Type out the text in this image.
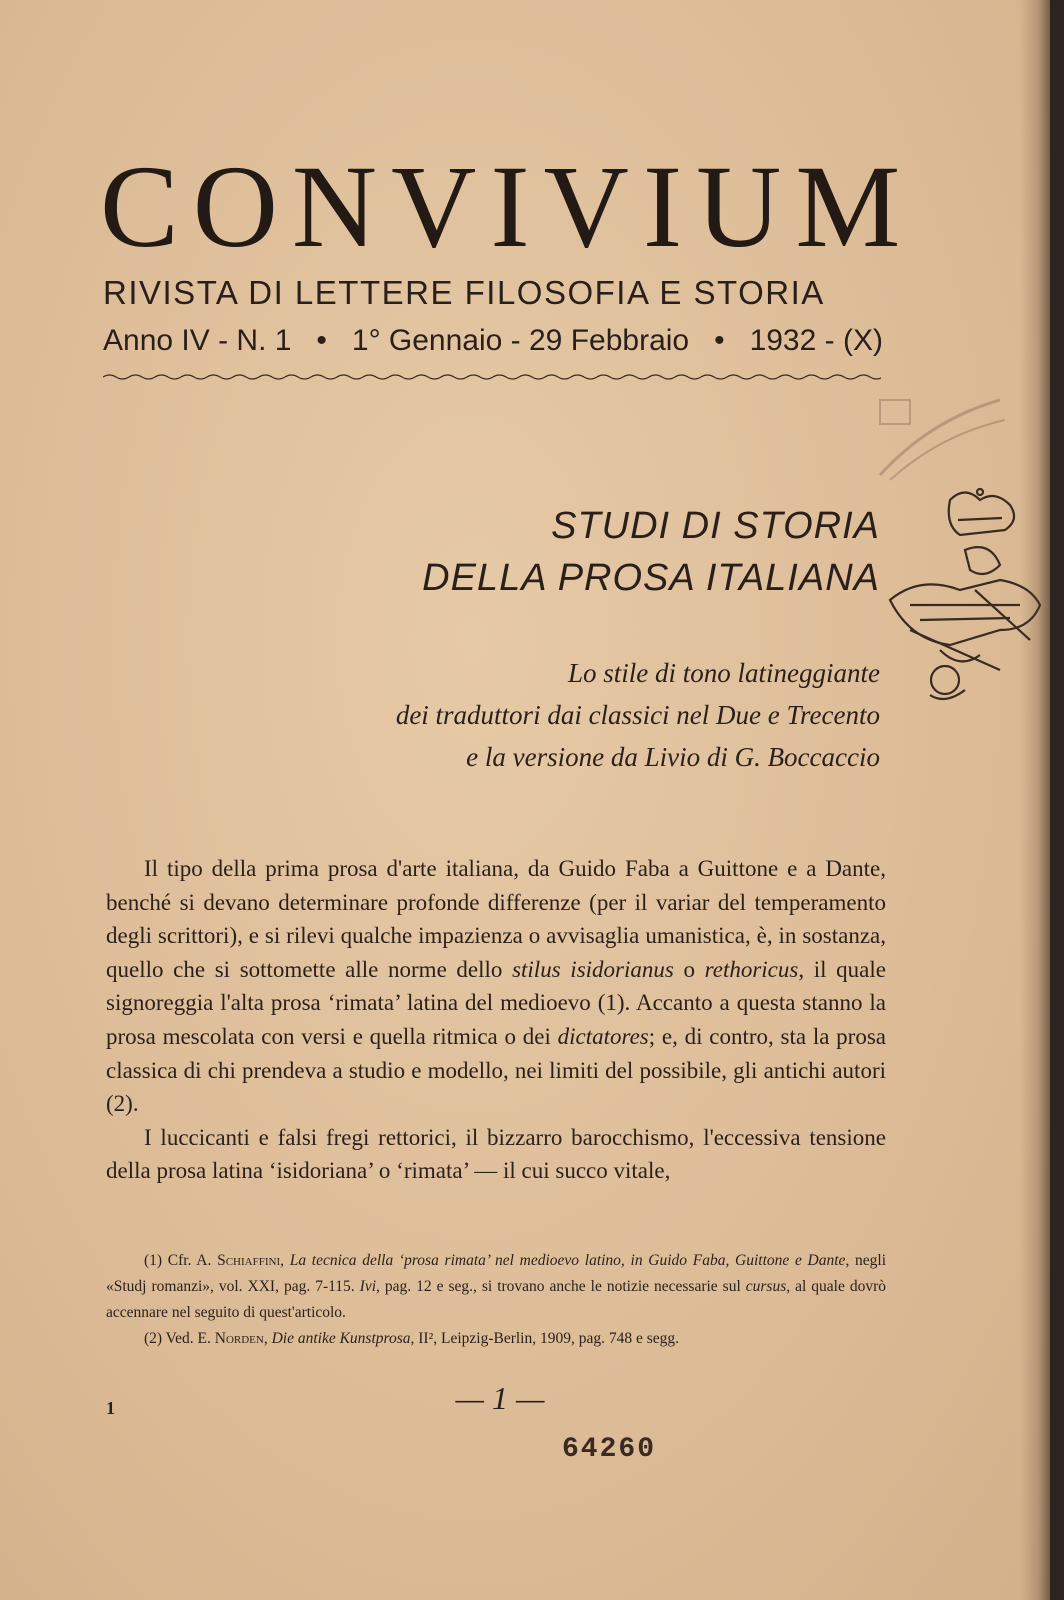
CONVIVIUM
RIVISTA DI LETTERE FILOSOFIA E STORIA
Anno IV - N. 1 • 1° Gennaio - 29 Febbraio • 1932 - (X)
STUDI DI STORIA
DELLA PROSA ITALIANA
Lo stile di tono latineggiante
dei traduttori dai classici nel Due e Trecento
e la versione da Livio di G. Boccaccio

Il tipo della prima prosa d'arte italiana, da Guido Faba a Guittone e a Dante, benché si devano determinare profonde differenze (per il variar del temperamento degli scrittori), e si rilevi qualche impazienza o avvisaglia umanistica, è, in sostanza, quello che si sottomette alle norme dello stilus isidorianus o rethoricus, il quale signoreggia l'alta prosa ‘rimata’ latina del medioevo (1). Accanto a questa stanno la prosa mescolata con versi e quella ritmica o dei dictatores; e, di contro, sta la prosa classica di chi prendeva a studio e modello, nei limiti del possibile, gli antichi autori (2).

I luccicanti e falsi fregi rettorici, il bizzarro barocchismo, l'eccessiva tensione della prosa latina ‘isidoriana’ o ‘rimata’ — il cui succo vitale,

(1) Cfr. A. Schiaffini, La tecnica della ‘prosa rimata’ nel medioevo latino, in Guido Faba, Guittone e Dante, negli «Studj romanzi», vol. XXI, pag. 7-115. Ivi, pag. 12 e seg., si trovano anche le notizie necessarie sul cursus, al quale dovrò accennare nel seguito di quest'articolo.

(2) Ved. E. Norden, Die antike Kunstprosa, II², Leipzig-Berlin, 1909, pag. 748 e segg.

1	— 1 —
64260
